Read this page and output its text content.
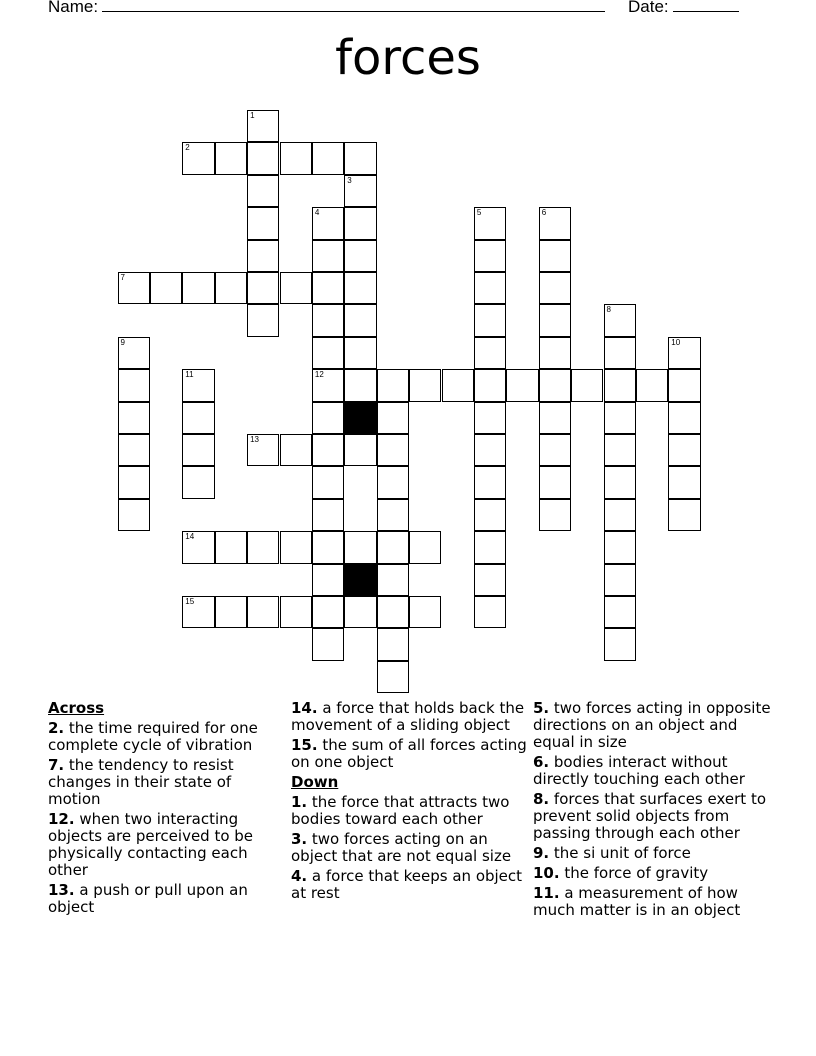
Name:	Date:
forces
1
2
3
4	5	6
7
8
9	10
11	12
13
14
15
Across
2. the time required for one complete cycle of vibration
7. the tendency to resist changes in their state of motion
12. when two interacting objects are perceived to be physically contacting each other
13. a push or pull upon an object
14. a force that holds back the movement of a sliding object
15. the sum of all forces acting on one object
Down
1. the force that attracts two bodies toward each other
3. two forces acting on an object that are not equal size
4. a force that keeps an object at rest
5. two forces acting in opposite directions on an object and equal in size
6. bodies interact without directly touching each other
8. forces that surfaces exert to prevent solid objects from passing through each other
9. the si unit of force
10. the force of gravity
11. a measurement of how much matter is in an object
